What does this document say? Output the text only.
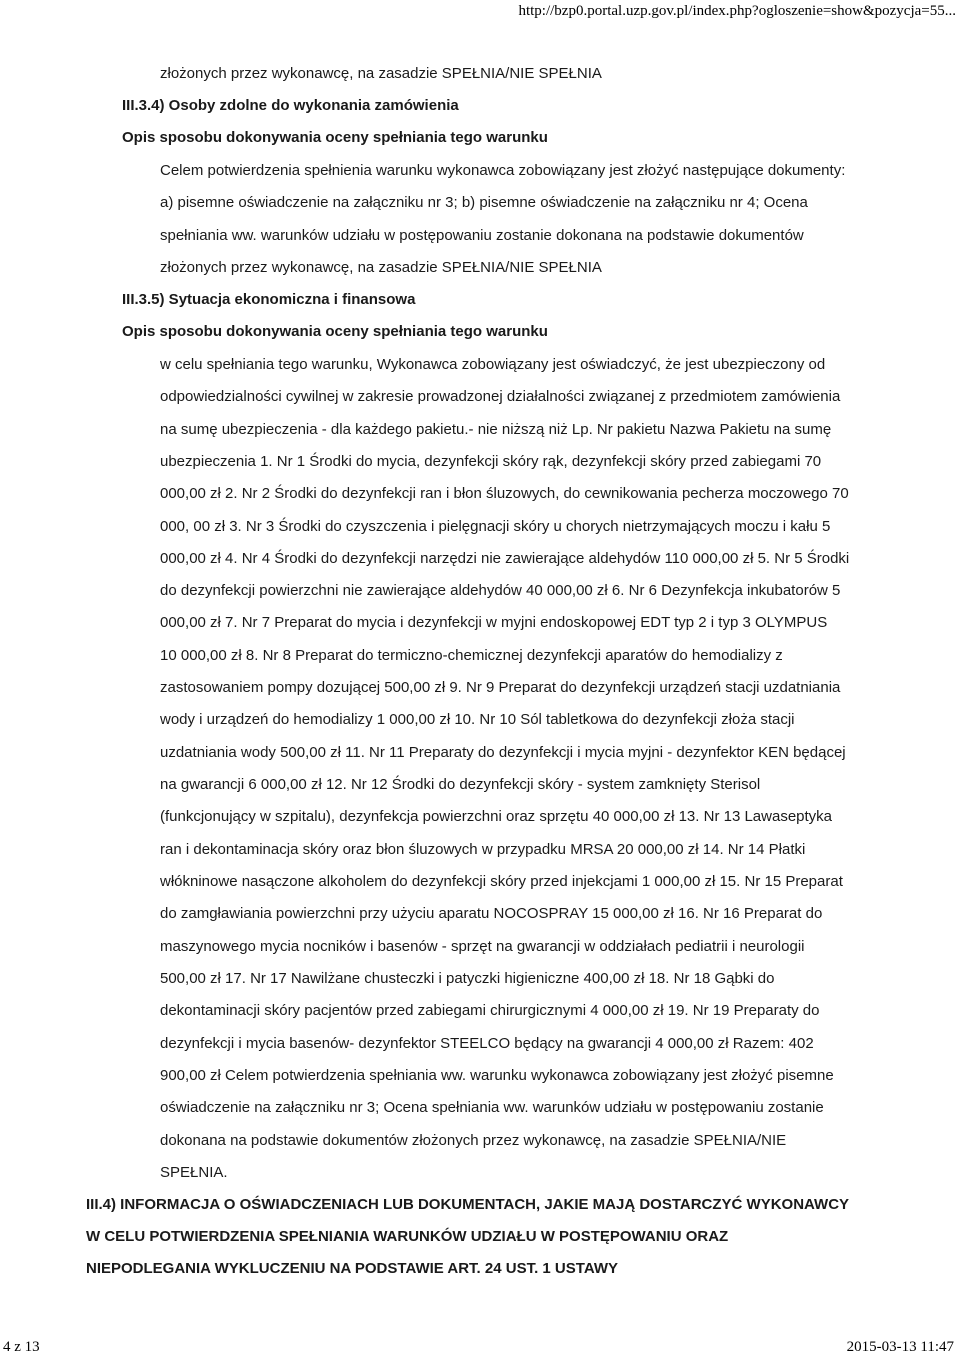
http://bzp0.portal.uzp.gov.pl/index.php?ogloszenie=show&pozycja=55...
złożonych przez wykonawcę, na zasadzie SPEŁNIA/NIE SPEŁNIA
III.3.4) Osoby zdolne do wykonania zamówienia
Opis sposobu dokonywania oceny spełniania tego warunku
Celem potwierdzenia spełnienia warunku wykonawca zobowiązany jest złożyć następujące dokumenty:
a) pisemne oświadczenie na załączniku nr 3; b) pisemne oświadczenie na załączniku nr 4; Ocena
spełniania ww. warunków udziału w postępowaniu zostanie dokonana na podstawie dokumentów
złożonych przez wykonawcę, na zasadzie SPEŁNIA/NIE SPEŁNIA
III.3.5) Sytuacja ekonomiczna i finansowa
Opis sposobu dokonywania oceny spełniania tego warunku
w celu spełniania tego warunku, Wykonawca zobowiązany jest oświadczyć, że jest ubezpieczony od
odpowiedzialności cywilnej w zakresie prowadzonej działalności związanej z przedmiotem zamówienia
na sumę ubezpieczenia - dla każdego pakietu.- nie niższą niż Lp. Nr pakietu Nazwa Pakietu na sumę
ubezpieczenia 1. Nr 1 Środki do mycia, dezynfekcji skóry rąk, dezynfekcji skóry przed zabiegami 70
000,00 zł 2. Nr 2 Środki do dezynfekcji ran i błon śluzowych, do cewnikowania pecherza moczowego 70
000, 00 zł 3. Nr 3 Środki do czyszczenia i pielęgnacji skóry u chorych nietrzymających moczu i kału 5
000,00 zł 4. Nr 4 Środki do dezynfekcji narzędzi nie zawierające aldehydów 110 000,00 zł 5. Nr 5 Środki
do dezynfekcji powierzchni nie zawierające aldehydów 40 000,00 zł 6. Nr 6 Dezynfekcja inkubatorów 5
000,00 zł 7. Nr 7 Preparat do mycia i dezynfekcji w myjni endoskopowej EDT typ 2 i typ 3 OLYMPUS
10 000,00 zł 8. Nr 8 Preparat do termiczno-chemicznej dezynfekcji aparatów do hemodializy z
zastosowaniem pompy dozującej 500,00 zł 9. Nr 9 Preparat do dezynfekcji urządzeń stacji uzdatniania
wody i urządzeń do hemodializy 1 000,00 zł 10. Nr 10 Sól tabletkowa do dezynfekcji złoża stacji
uzdatniania wody 500,00 zł 11. Nr 11 Preparaty do dezynfekcji i mycia myjni - dezynfektor KEN będącej
na gwarancji 6 000,00 zł 12. Nr 12 Środki do dezynfekcji skóry - system zamknięty Sterisol
(funkcjonujący w szpitalu), dezynfekcja powierzchni oraz sprzętu 40 000,00 zł 13. Nr 13 Lawaseptyka
ran i dekontaminacja skóry oraz błon śluzowych w przypadku MRSA 20 000,00 zł 14. Nr 14 Płatki
włókninowe nasączone alkoholem do dezynfekcji skóry przed injekcjami 1 000,00 zł 15. Nr 15 Preparat
do zamgławiania powierzchni przy użyciu aparatu NOCOSPRAY 15 000,00 zł 16. Nr 16 Preparat do
maszynowego mycia nocników i basenów - sprzęt na gwarancji w oddziałach pediatrii i neurologii
500,00 zł 17. Nr 17 Nawilżane chusteczki i patyczki higieniczne 400,00 zł 18. Nr 18 Gąbki do
dekontaminacji skóry pacjentów przed zabiegami chirurgicznymi 4 000,00 zł 19. Nr 19 Preparaty do
dezynfekcji i mycia basenów- dezynfektor STEELCO będący na gwarancji 4 000,00 zł Razem: 402
900,00 zł Celem potwierdzenia spełniania ww. warunku wykonawca zobowiązany jest złożyć pisemne
oświadczenie na załączniku nr 3; Ocena spełniania ww. warunków udziału w postępowaniu zostanie
dokonana na podstawie dokumentów złożonych przez wykonawcę, na zasadzie SPEŁNIA/NIE
SPEŁNIA.
III.4) INFORMACJA O OŚWIADCZENIACH LUB DOKUMENTACH, JAKIE MAJĄ DOSTARCZYĆ WYKONAWCY
W CELU POTWIERDZENIA SPEŁNIANIA WARUNKÓW UDZIAŁU W POSTĘPOWANIU ORAZ
NIEPODLEGANIA WYKLUCZENIU NA PODSTAWIE ART. 24 UST. 1 USTAWY
4 z 13	2015-03-13 11:47
